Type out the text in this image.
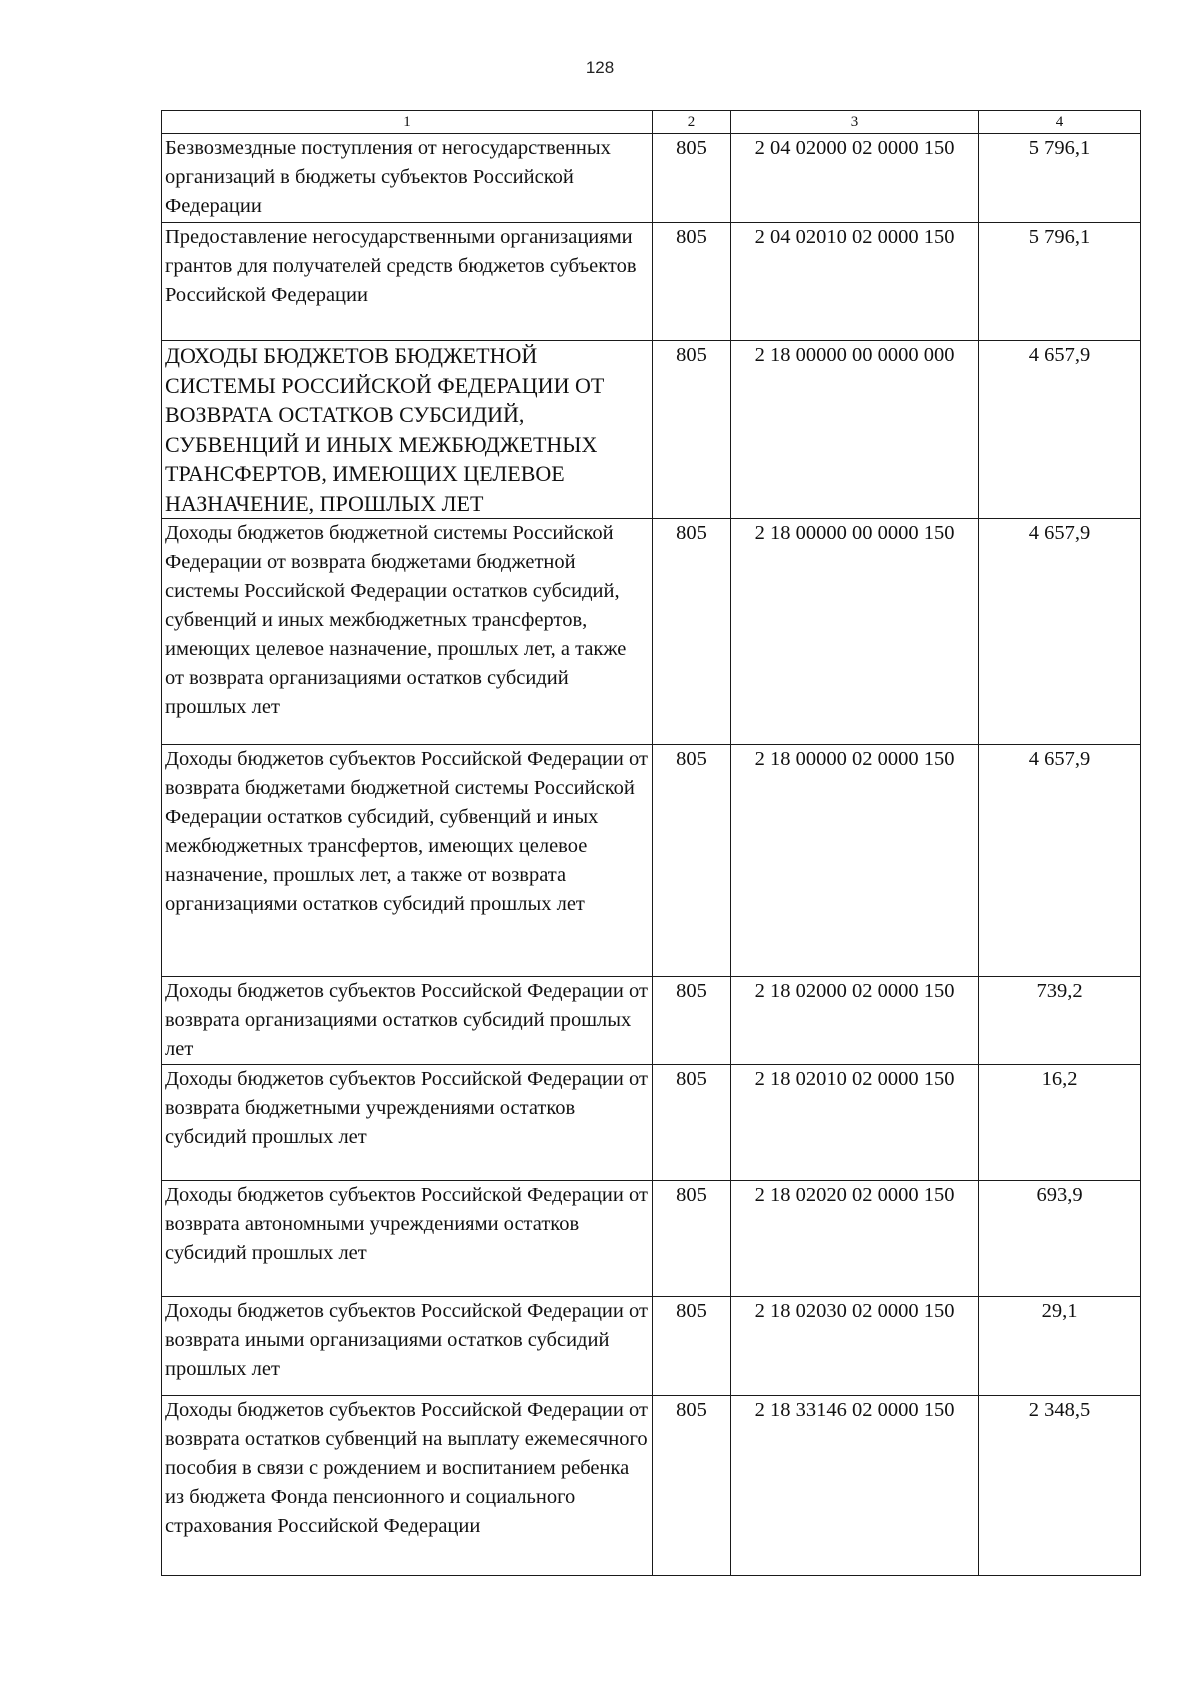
128
1	2	3	4
Безвозмездные поступления от негосударственных организаций в бюджеты субъектов Российской Федерации	805	2 04 02000 02 0000 150	5 796,1
Предоставление негосударственными организациями грантов для получателей средств бюджетов субъектов Российской Федерации	805	2 04 02010 02 0000 150	5 796,1
ДОХОДЫ БЮДЖЕТОВ БЮДЖЕТНОЙ СИСТЕМЫ РОССИЙСКОЙ ФЕДЕРАЦИИ ОТ ВОЗВРАТА ОСТАТКОВ СУБСИДИЙ, СУБВЕНЦИЙ И ИНЫХ МЕЖБЮДЖЕТНЫХ ТРАНСФЕРТОВ, ИМЕЮЩИХ ЦЕЛЕВОЕ НАЗНАЧЕНИЕ, ПРОШЛЫХ ЛЕТ	805	2 18 00000 00 0000 000	4 657,9
Доходы бюджетов бюджетной системы Российской Федерации от возврата бюджетами бюджетной системы Российской Федерации остатков субсидий, субвенций и иных межбюджетных трансфертов, имеющих целевое назначение, прошлых лет, а также от возврата организациями остатков субсидий прошлых лет	805	2 18 00000 00 0000 150	4 657,9
Доходы бюджетов субъектов Российской Федерации от возврата бюджетами бюджетной системы Российской Федерации остатков субсидий, субвенций и иных межбюджетных трансфертов, имеющих целевое назначение, прошлых лет, а также от возврата организациями остатков субсидий прошлых лет	805	2 18 00000 02 0000 150	4 657,9
Доходы бюджетов субъектов Российской Федерации от возврата организациями остатков субсидий прошлых лет	805	2 18 02000 02 0000 150	739,2
Доходы бюджетов субъектов Российской Федерации от возврата бюджетными учреждениями остатков субсидий прошлых лет	805	2 18 02010 02 0000 150	16,2
Доходы бюджетов субъектов Российской Федерации от возврата автономными учреждениями остатков субсидий прошлых лет	805	2 18 02020 02 0000 150	693,9
Доходы бюджетов субъектов Российской Федерации от возврата иными организациями остатков субсидий прошлых лет	805	2 18 02030 02 0000 150	29,1
Доходы бюджетов субъектов Российской Федерации от возврата остатков субвенций на выплату ежемесячного пособия в связи с рождением и воспитанием ребенка из бюджета Фонда пенсионного и социального страхования Российской Федерации	805	2 18 33146 02 0000 150	2 348,5
